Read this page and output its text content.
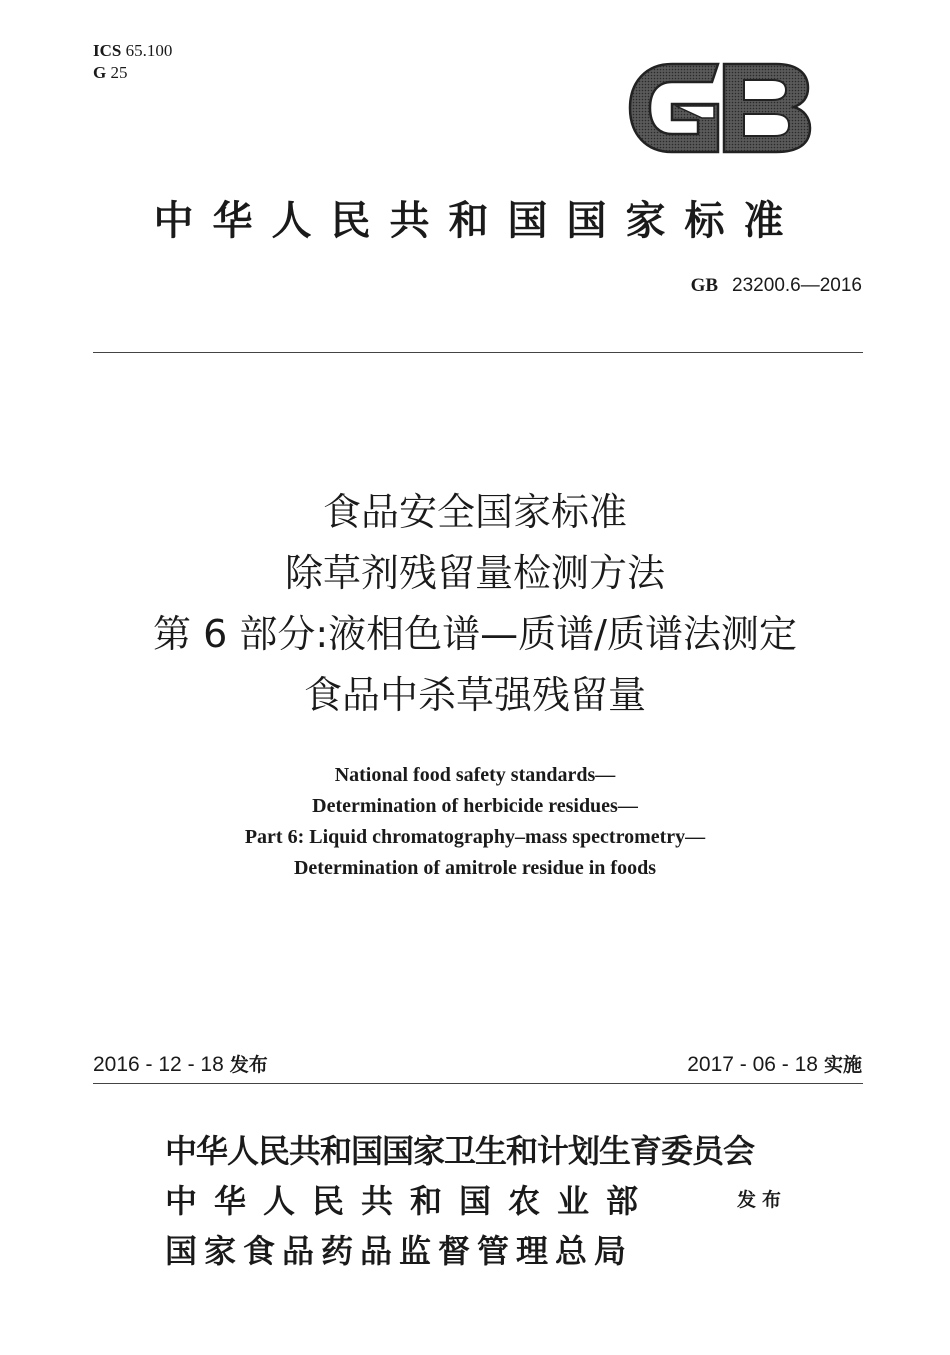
ICS 65.100
G 25
GB
中华人民共和国国家标准
GB 23200.6—2016
食品安全国家标准
除草剂残留量检测方法
第 6 部分:液相色谱—质谱/质谱法测定
食品中杀草强残留量
National food safety standards—
Determination of herbicide residues—
Part 6: Liquid chromatography–mass spectrometry—
Determination of amitrole residue in foods
2016 - 12 - 18 发布	2017 - 06 - 18 实施
中华人民共和国国家卫生和计划生育委员会
中华人民共和国农业部
国家食品药品监督管理总局
发布
